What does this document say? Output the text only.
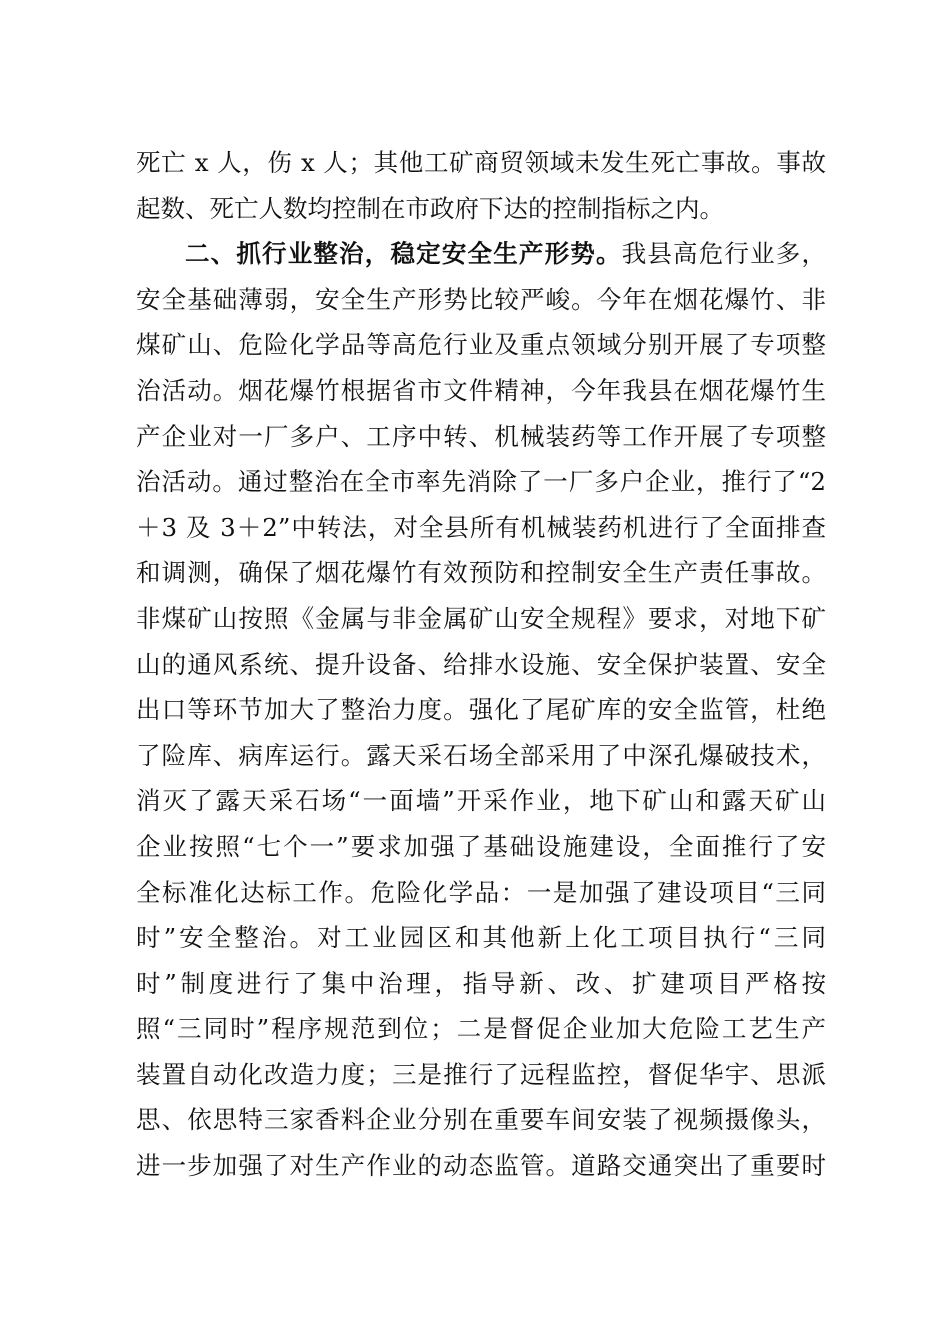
死亡 x 人，伤 x 人；其他工矿商贸领域未发生死亡事故。事故
起数、死亡人数均控制在市政府下达的控制指标之内。
二、抓行业整治，稳定安全生产形势。我县高危行业多，
安全基础薄弱，安全生产形势比较严峻。今年在烟花爆竹、非
煤矿山、危险化学品等高危行业及重点领域分别开展了专项整
治活动。烟花爆竹根据省市文件精神，今年我县在烟花爆竹生
产企业对一厂多户、工序中转、机械装药等工作开展了专项整
治活动。通过整治在全市率先消除了一厂多户企业，推行了“2
＋3 及 3＋2”中转法，对全县所有机械装药机进行了全面排查
和调测，确保了烟花爆竹有效预防和控制安全生产责任事故。
非煤矿山按照《金属与非金属矿山安全规程》要求，对地下矿
山的通风系统、提升设备、给排水设施、安全保护装置、安全
出口等环节加大了整治力度。强化了尾矿库的安全监管，杜绝
了险库、病库运行。露天采石场全部采用了中深孔爆破技术，
消灭了露天采石场“一面墙”开采作业，地下矿山和露天矿山
企业按照“七个一”要求加强了基础设施建设，全面推行了安
全标准化达标工作。危险化学品：一是加强了建设项目“三同
时”安全整治。对工业园区和其他新上化工项目执行“三同
时”制度进行了集中治理，指导新、改、扩建项目严格按
照“三同时”程序规范到位；二是督促企业加大危险工艺生产
装置自动化改造力度；三是推行了远程监控，督促华宇、思派
思、依思特三家香料企业分别在重要车间安装了视频摄像头，
进一步加强了对生产作业的动态监管。道路交通突出了重要时
